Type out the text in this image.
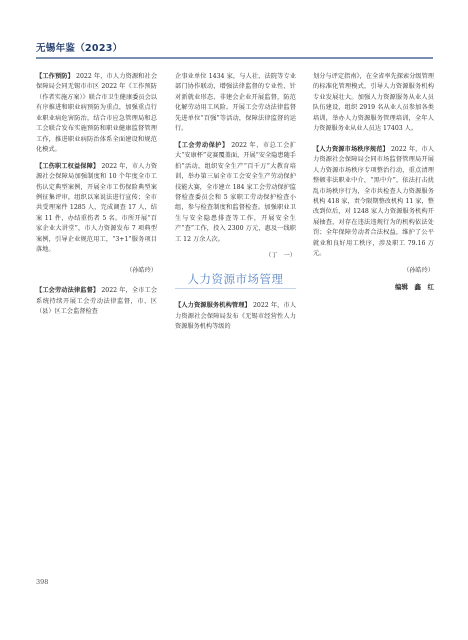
无锡年鉴（2023）

【工作预防】 2022 年，市人力资源和社会保障局会同无锡市市区 2022 年《工作预防（作者实施方案）》联合市卫生健康委员会以有序推进和职业病预防为重点，加强重点行业职业病危害防治，结合市应急管理局和总工会联合发布实施预防和职业健康监督管理工作，推进职业病防治体系全面建设和规范化模式。

【工伤职工权益保障】 2022 年，市人力资源社会保障局加强制度和 10 个年度全市工伤认定典型案例，开展全市工伤保险典型案例征集评审，组织以案说法进行宣传；全市共受理案件 1285 人，完成调查 17 人，结案 11 件，办结重伤者 5 名。市所开展“百家企业大讲堂”，市人力资源发布 7 项典型案例，引导企业规范用工，“3+1”服务项目落地。

（孙皓玲）

【工会劳动法律监督】 2022 年，全市工会系统持续开展工会劳动法律监督，市、区（县）区工会监督检查

企事业单位 1434 家，与人社、法院等专业部门协作联动，增强法律监督的专业性、针对新就业形态、非建会企业开展监督，防范化解劳动用工风险。开展工会劳动法律监督先进单位“百强”等活动，保障法律监督的运行。

【工会劳动保护】 2022 年，市总工会扩大“安康杯”竞赛覆盖面，开展“安全隐患随手拍”活动，组织安全生产“百千万”大教育培训，举办第三届全市工会安全生产劳动保护技能大赛，全市建立 184 家工会劳动保护监督检查委员会和 5 家职工劳动保护检查小组，参与检查制度和监督检查。加强职业卫生与安全隐患排查等工作，开展安全生产“查”工作，投入 2300 万元，惠及一线职工 12 万余人次。

（丁　一）

人力资源市场管理

【人力资源服务机构管理】 2022 年，市人力资源社会保障局发布《无锡市经营性人力资源服务机构等级的

划分与评定指南》，在全省率先探索分级管理的标准化管理模式，引导人力资源服务机构专业发展壮大。加强人力资源服务从业人员队伍建设，组织 2919 名从业人员参加各类培训，举办人力资源服务管理培训，全年人力资源服务业从业人员达 17403 人。

【人力资源市场秩序规范】 2022 年，市人力资源社会保障局会同市场监督管理局开展人力资源市场秩序专项整治行动，重点清理整顿非法职业中介，“黑中介”，依法打击扰乱市场秩序行为，全市共检查人力资源服务机构 418 家，责令限期整改机构 11 家，整改到位后，对 1248 家人力资源服务机构开展抽查，对存在违法违规行为的机构依法处罚；全年保障劳动者合法权益，维护了公平就业和良好用工秩序，涉及职工 79.16 万元。

（孙皓玲）

编辑　鑫　红

398
